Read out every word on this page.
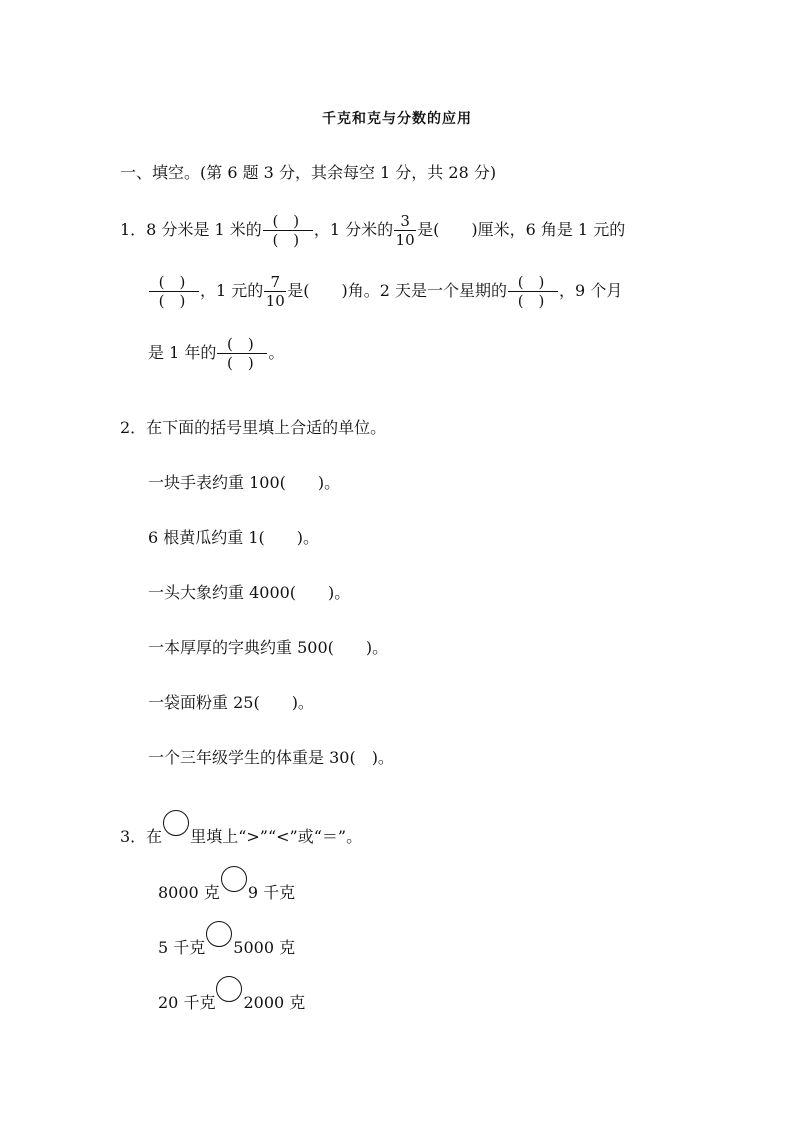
千克和克与分数的应用
一、填空。(第 6 题 3 分，其余每空 1 分，共 28 分)
1．8 分米是 1 米的 $\frac{( )}{( )}$ ，1 分米的 $\frac{3}{10}$ 是(　　)厘米，6 角是 1 元的
$\frac{( )}{( )}$ ，1 元的 $\frac{7}{10}$ 是(　　)角。2 天是一个星期的 $\frac{( )}{( )}$ ，9 个月
是 1 年的 $\frac{( )}{( )}$ 。
2．在下面的括号里填上合适的单位。
一块手表约重 100(　　)。
6 根黄瓜约重 1(　　)。
一头大象约重 4000(　　)。
一本厚厚的字典约重 500(　　)。
一袋面粉重 25(　　)。
一个三年级学生的体重是 30(　)。
3．在 里填上“>”“<”或“＝”。
8000 克 9 千克
5 千克 5000 克
20 千克 2000 克
